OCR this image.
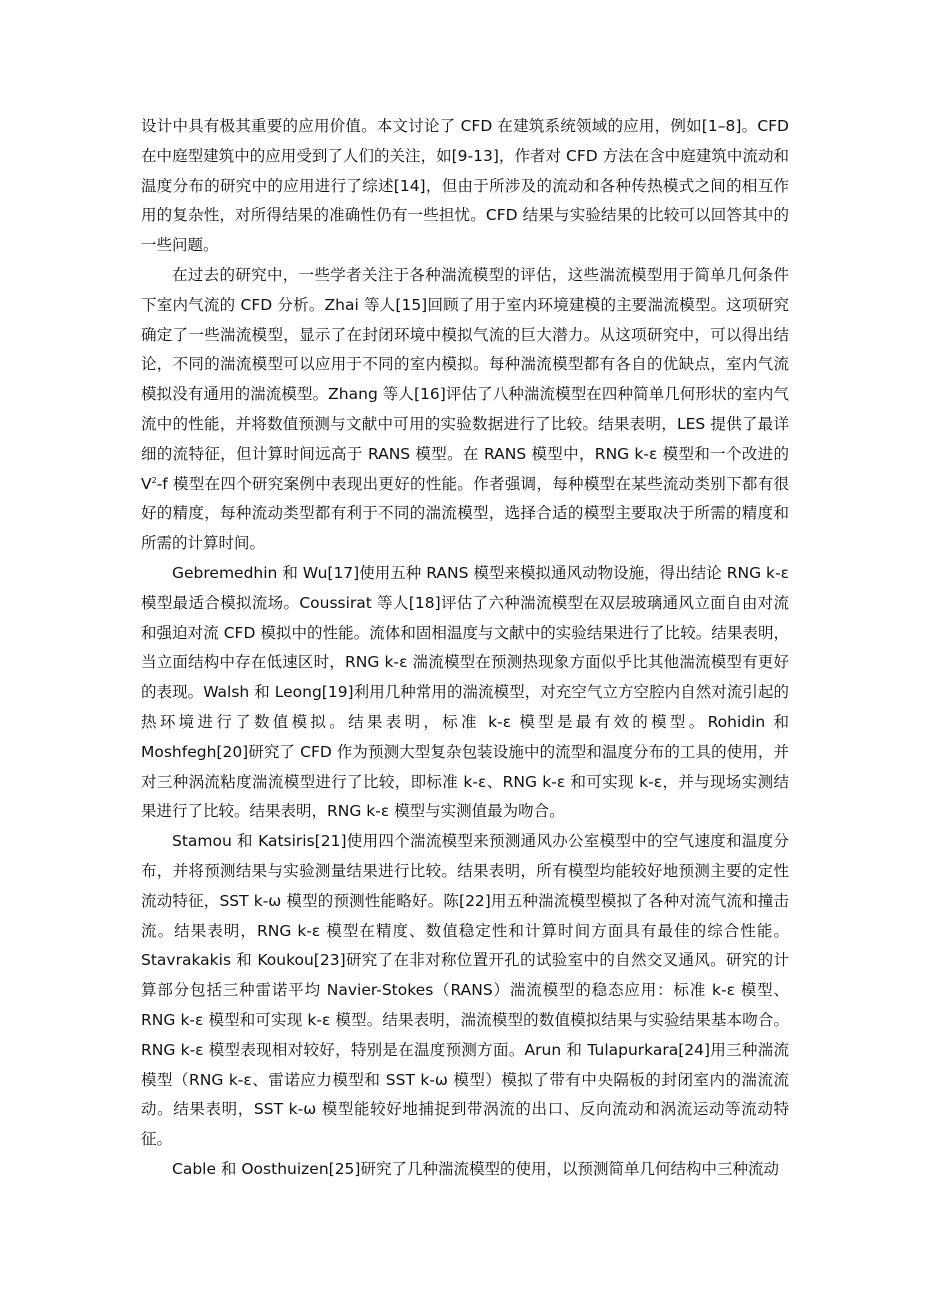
设计中具有极其重要的应用价值。本文讨论了 CFD 在建筑系统领域的应用，例如[1–8]。CFD 在中庭型建筑中的应用受到了人们的关注，如[9-13]，作者对 CFD 方法在含中庭建筑中流动和温度分布的研究中的应用进行了综述[14]，但由于所涉及的流动和各种传热模式之间的相互作用的复杂性，对所得结果的准确性仍有一些担忧。CFD 结果与实验结果的比较可以回答其中的一些问题。

在过去的研究中，一些学者关注于各种湍流模型的评估，这些湍流模型用于简单几何条件下室内气流的 CFD 分析。Zhai 等人[15]回顾了用于室内环境建模的主要湍流模型。这项研究确定了一些湍流模型，显示了在封闭环境中模拟气流的巨大潜力。从这项研究中，可以得出结论，不同的湍流模型可以应用于不同的室内模拟。每种湍流模型都有各自的优缺点，室内气流模拟没有通用的湍流模型。Zhang 等人[16]评估了八种湍流模型在四种简单几何形状的室内气流中的性能，并将数值预测与文献中可用的实验数据进行了比较。结果表明，LES 提供了最详细的流特征，但计算时间远高于 RANS 模型。在 RANS 模型中，RNG k-ε 模型和一个改进的 $V^2-f$ 模型在四个研究案例中表现出更好的性能。作者强调，每种模型在某些流动类别下都有很好的精度，每种流动类型都有利于不同的湍流模型，选择合适的模型主要取决于所需的精度和所需的计算时间。

Gebremedhin 和 Wu[17]使用五种 RANS 模型来模拟通风动物设施，得出结论 RNG k-ε 模型最适合模拟流场。Coussirat 等人[18]评估了六种湍流模型在双层玻璃通风立面自由对流和强迫对流 CFD 模拟中的性能。流体和固相温度与文献中的实验结果进行了比较。结果表明，当立面结构中存在低速区时，RNG k-ε 湍流模型在预测热现象方面似乎比其他湍流模型有更好的表现。Walsh 和 Leong[19]利用几种常用的湍流模型，对充空气立方空腔内自然对流引起的热环境进行了数值模拟。结果表明，标准 k-ε 模型是最有效的模型。Rohidin 和 Moshfegh[20]研究了 CFD 作为预测大型复杂包装设施中的流型和温度分布的工具的使用，并对三种涡流粘度湍流模型进行了比较，即标准 k-ε、RNG k-ε 和可实现 k-ε，并与现场实测结果进行了比较。结果表明，RNG k-ε 模型与实测值最为吻合。

Stamou 和 Katsiris[21]使用四个湍流模型来预测通风办公室模型中的空气速度和温度分布，并将预测结果与实验测量结果进行比较。结果表明，所有模型均能较好地预测主要的定性流动特征，SST k-ω 模型的预测性能略好。陈[22]用五种湍流模型模拟了各种对流气流和撞击流。结果表明，RNG k-ε 模型在精度、数值稳定性和计算时间方面具有最佳的综合性能。Stavrakakis 和 Koukou[23]研究了在非对称位置开孔的试验室中的自然交叉通风。研究的计算部分包括三种雷诺平均 Navier-Stokes（RANS）湍流模型的稳态应用：标准 k-ε 模型、RNG k-ε 模型和可实现 k-ε 模型。结果表明，湍流模型的数值模拟结果与实验结果基本吻合。RNG k-ε 模型表现相对较好，特别是在温度预测方面。Arun 和 Tulapurkara[24]用三种湍流模型（RNG k-ε、雷诺应力模型和 SST k-ω 模型）模拟了带有中央隔板的封闭室内的湍流流动。结果表明，SST k-ω 模型能较好地捕捉到带涡流的出口、反向流动和涡流运动等流动特征。

Cable 和 Oosthuizen[25]研究了几种湍流模型的使用，以预测简单几何结构中三种流动
